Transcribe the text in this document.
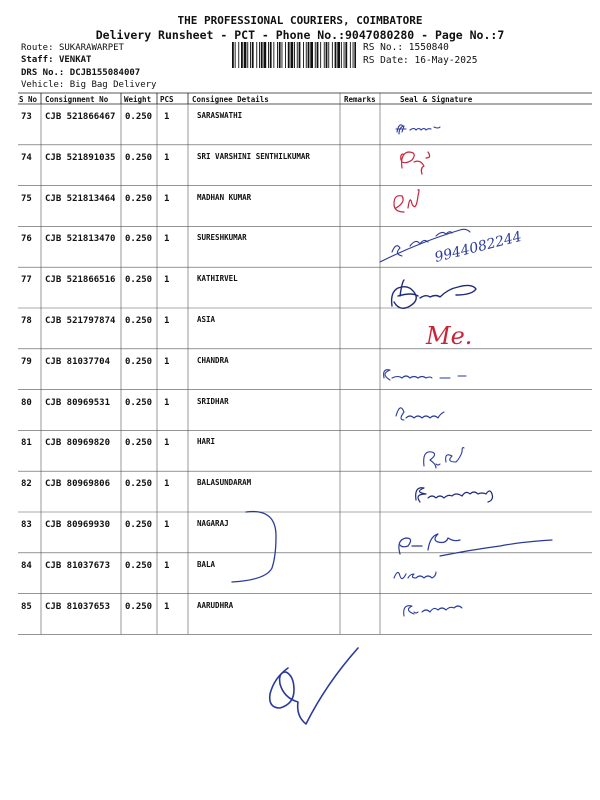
THE PROFESSIONAL COURIERS, COIMBATORE
Delivery Runsheet - PCT - Phone No.:9047080280 - Page No.:7
Route: SUKARAWARPET
Staff: VENKAT
DRS No.: DCJB155084007
Vehicle: Big Bag Delivery
RS No.: 1550840
RS Date: 16-May-2025
S No Consignment No Weight PCS Consignee Details	Remarks	Seal & Signature
73 CJB 521866467 0.250 1	SARASWATHI
74 CJB 521891035 0.250 1	SRI VARSHINI SENTHILKUMAR
75 CJB 521813464 0.250 1	MADHAN KUMAR
76 CJB 521813470 0.250 1	SURESHKUMAR
77 CJB 521866516 0.250 1	KATHIRVEL
78 CJB 521797874 0.250 1	ASIA
79 CJB 81037704 0.250 1	CHANDRA
80 CJB 80969531 0.250 1	SRIDHAR
81 CJB 80969820 0.250 1	HARI
82 CJB 80969806 0.250 1	BALASUNDARAM
83 CJB 80969930 0.250 1	NAGARAJ
84 CJB 81037673 0.250 1	BALA
85 CJB 81037653 0.250 1	AARUDHRA
9944082244
Me.
